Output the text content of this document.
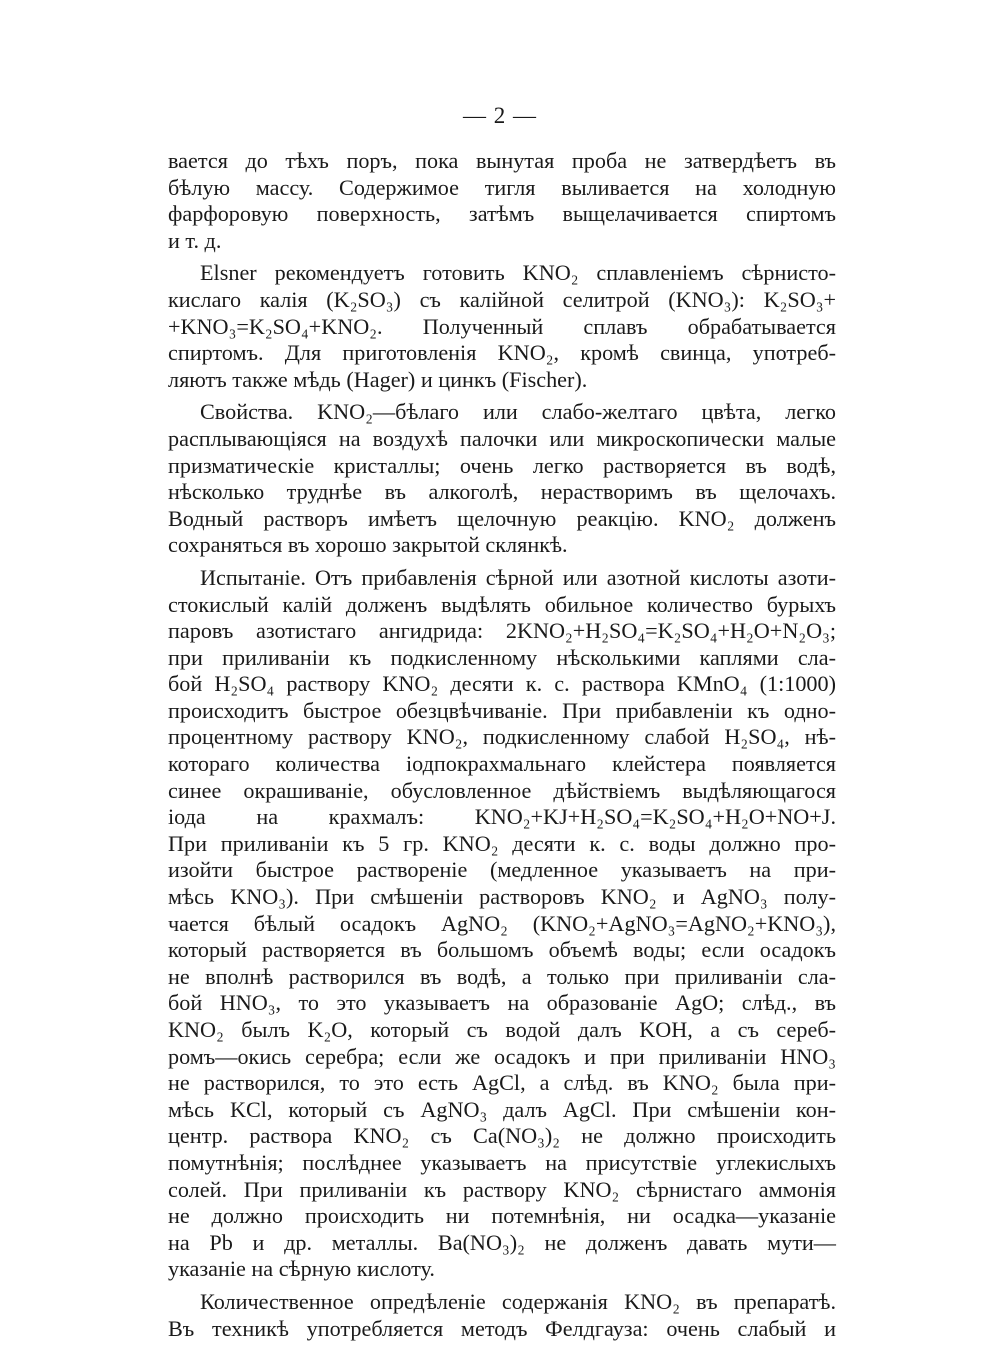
— 2 —
вается до тѣхъ поръ, пока вынутая проба не затвердѣетъ въ
бѣлую массу. Содержимое тигля выливается на холодную
фарфоровую поверхность, затѣмъ выщелачивается спиртомъ
и т. д.
Elsner рекомендуетъ готовить KNO₂ сплавленіемъ сѣрнисто-
кислаго калія (K₂SO₃) съ калійной селитрой (KNO₃): K₂SO₃+
+KNO₃=K₂SO₄+KNO₂. Полученный сплавъ обрабатывается
спиртомъ. Для приготовленія KNO₂, кромѣ свинца, употреб-
ляютъ также мѣдь (Hager) и цинкъ (Fischer).
Свойства. KNO₂—бѣлаго или слабо-желтаго цвѣта, легко
расплывающіяся на воздухѣ палочки или микроскопически малые
призматическіе кристаллы; очень легко растворяется въ водѣ,
нѣсколько труднѣе въ алкоголѣ, нерастворимъ въ щелочахъ.
Водный растворъ имѣетъ щелочную реакцію. KNO₂ долженъ
сохраняться въ хорошо закрытой склянкѣ.
Испытаніе. Отъ прибавленія сѣрной или азотной кислоты азоти-
стокислый калій долженъ выдѣлять обильное количество бурыхъ
паровъ азотистаго ангидрида: 2KNO₂+H₂SO₄=K₂SO₄+H₂O+N₂O₃;
при приливаніи къ подкисленному нѣсколькими каплями сла-
бой H₂SO₄ раствору KNO₂ десяти к. с. раствора KMnO₄ (1:1000)
происходитъ быстрое обезцвѣчиваніе. При прибавленіи къ одно-
процентному раствору KNO₂, подкисленному слабой H₂SO₄, нѣ-
котораго количества іодпокрахмальнаго клейстера появляется
синее окрашиваніе, обусловленное дѣйствіемъ выдѣляющагося
іода на крахмалъ: KNO₂+KJ+H₂SO₄=K₂SO₄+H₂O+NO+J.
При приливаніи къ 5 гр. KNO₂ десяти к. с. воды должно про-
изойти быстрое раствореніе (медленное указываетъ на при-
мѣсь KNO₃). При смѣшеніи растворовъ KNO₂ и AgNO₃ полу-
чается бѣлый осадокъ AgNO₂ (KNO₂+AgNO₃=AgNO₂+KNO₃),
который растворяется въ большомъ объемѣ воды; если осадокъ
не вполнѣ растворился въ водѣ, а только при приливаніи сла-
бой HNO₃, то это указываетъ на образованіе AgO; слѣд., въ
KNO₂ былъ K₂O, который съ водой далъ KOH, а съ сереб-
ромъ—окись серебра; если же осадокъ и при приливаніи HNO₃
не растворился, то это есть AgCl, а слѣд. въ KNO₂ была при-
мѣсь KCl, который съ AgNO₃ далъ AgCl. При смѣшеніи кон-
центр. раствора KNO₂ съ Ca(NO₃)₂ не должно происходить
помутнѣнія; послѣднее указываетъ на присутствіе углекислыхъ
солей. При приливаніи къ раствору KNO₂ сѣрнистаго аммонія
не должно происходить ни потемнѣнія, ни осадка—указаніе
на Pb и др. металлы. Ba(NO₃)₂ не долженъ давать мути—
указаніе на сѣрную кислоту.
Количественное опредѣленіе содержанія KNO₂ въ препаратѣ.
Въ техникѣ употребляется методъ Фелдгауза: очень слабый и
